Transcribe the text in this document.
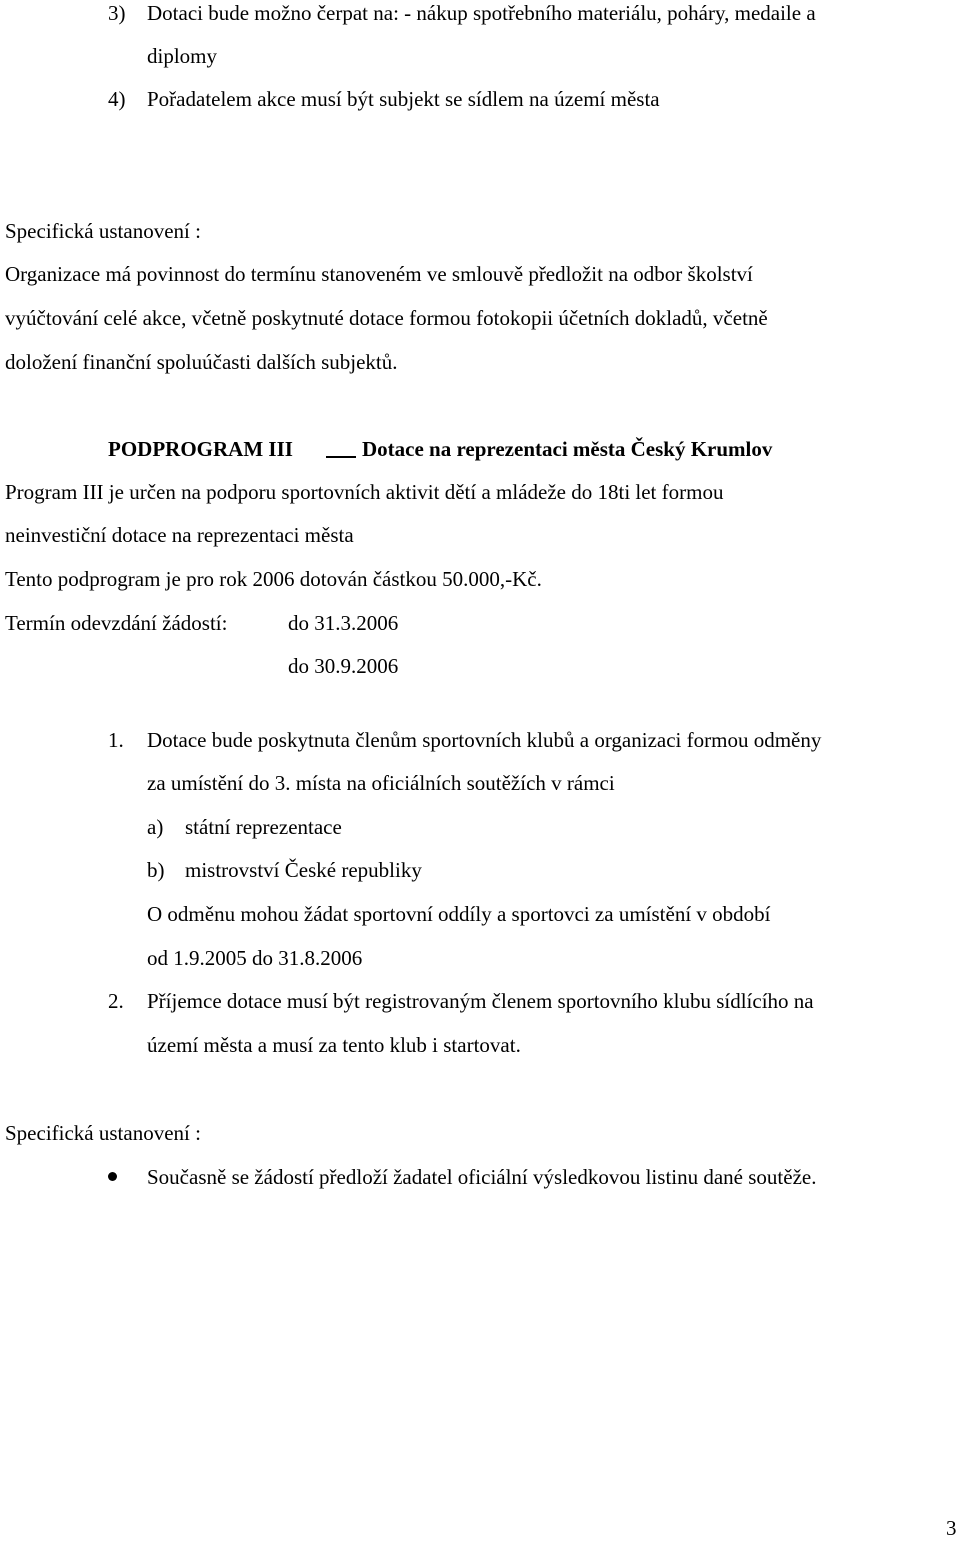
3) Dotaci bude možno čerpat na: - nákup spotřebního materiálu, poháry, medaile a
diplomy
4) Pořadatelem akce musí být subjekt se sídlem na území města
Specifická ustanovení :
Organizace má povinnost do termínu stanoveném ve smlouvě předložit na odbor školství
vyúčtování celé akce, včetně poskytnuté dotace formou fotokopii účetních dokladů, včetně
doložení finanční spoluúčasti dalších subjektů.
PODPROGRAM III	Dotace na reprezentaci města Český Krumlov
Program III je určen na podporu sportovních aktivit dětí a mládeže do 18ti let formou
neinvestiční dotace na reprezentaci města
Tento podprogram je pro rok 2006 dotován částkou 50.000,-Kč.
Termín odevzdání žádostí:	do 31.3.2006
do 30.9.2006
1. Dotace bude poskytnuta členům sportovních klubů a organizaci formou odměny
za umístění do 3. místa na oficiálních soutěžích v rámci
a) státní reprezentace
b) mistrovství České republiky
O odměnu mohou žádat sportovní oddíly a sportovci za umístění v období
od 1.9.2005 do 31.8.2006
2. Příjemce dotace musí být registrovaným členem sportovního klubu sídlícího na
území města a musí za tento klub i startovat.
Specifická ustanovení :
Současně se žádostí předloží žadatel oficiální výsledkovou listinu dané soutěže.
3
